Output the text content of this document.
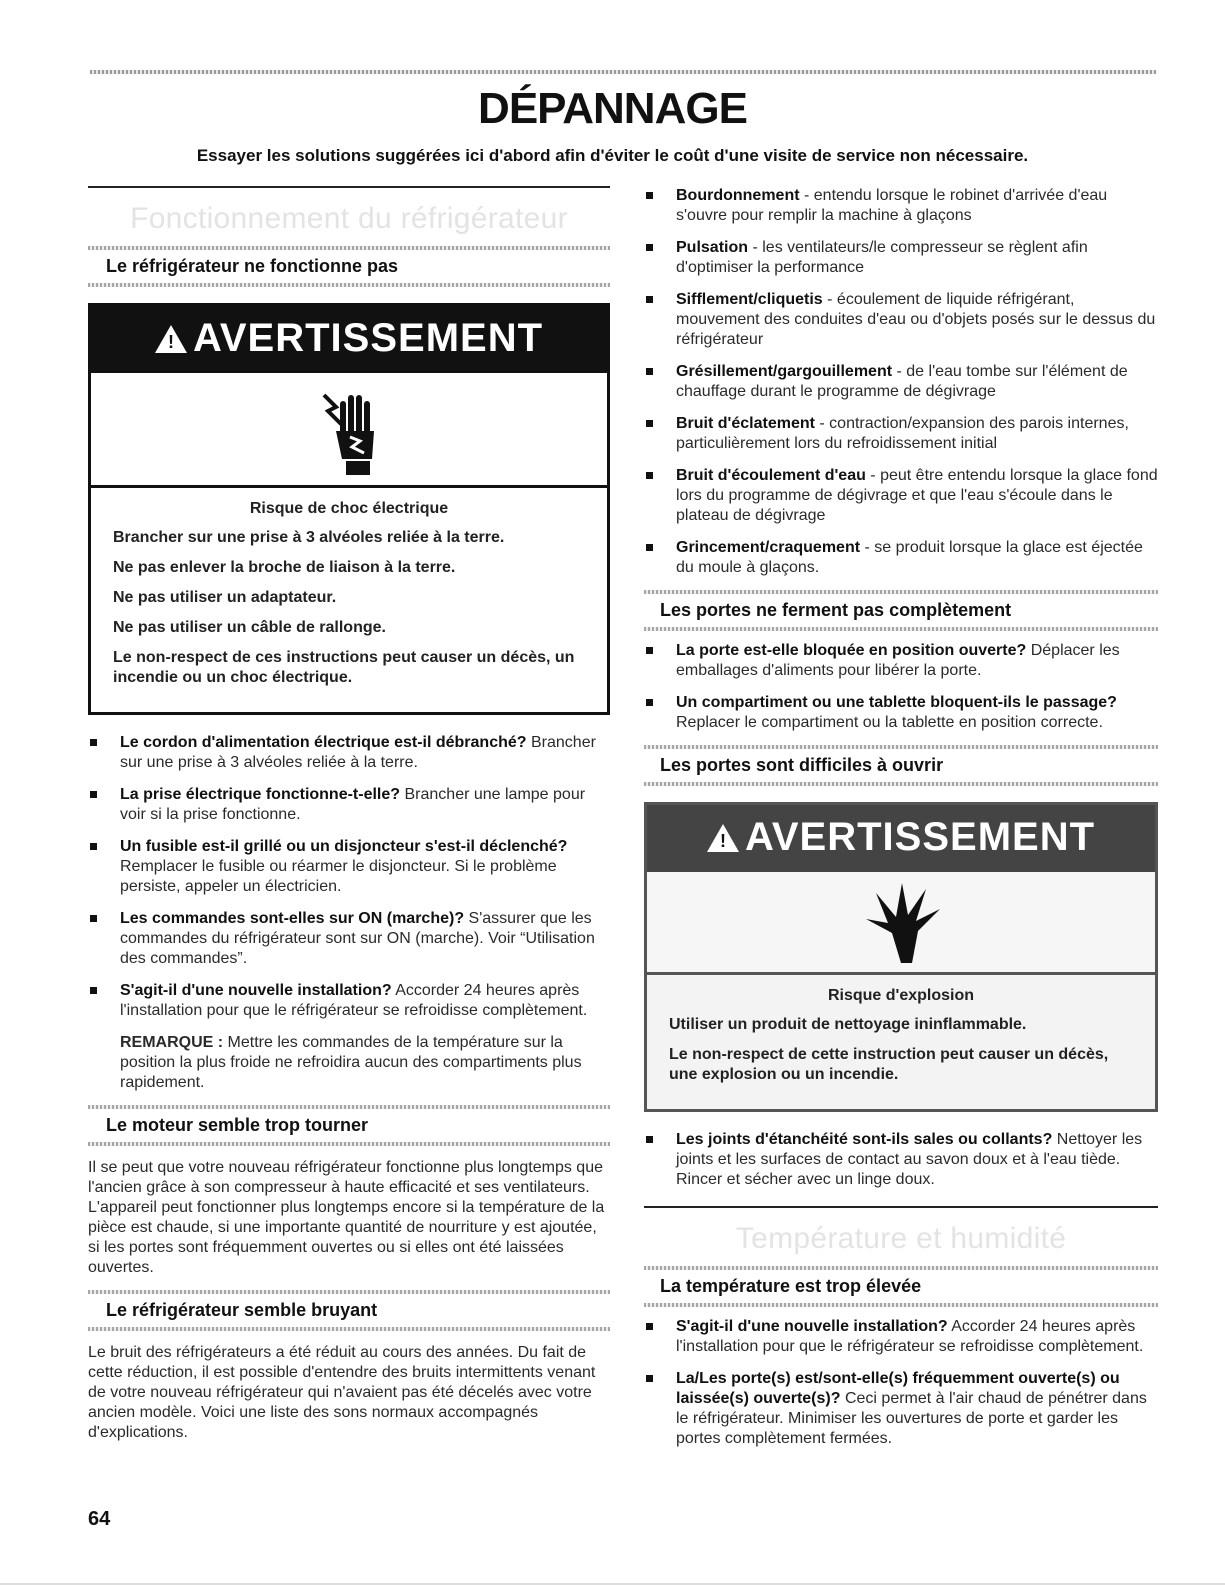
DÉPANNAGE
Essayer les solutions suggérées ici d'abord afin d'éviter le coût d'une visite de service non nécessaire.
Fonctionnement du réfrigérateur
Le réfrigérateur ne fonctionne pas
! AVERTISSEMENT
Risque de choc électrique

Brancher sur une prise à 3 alvéoles reliée à la terre.

Ne pas enlever la broche de liaison à la terre.

Ne pas utiliser un adaptateur.

Ne pas utiliser un câble de rallonge.

Le non-respect de ces instructions peut causer un décès, un incendie ou un choc électrique.

Le cordon d'alimentation électrique est-il débranché? Brancher sur une prise à 3 alvéoles reliée à la terre.
La prise électrique fonctionne-t-elle? Brancher une lampe pour voir si la prise fonctionne.
Un fusible est-il grillé ou un disjoncteur s'est-il déclenché? Remplacer le fusible ou réarmer le disjoncteur. Si le problème persiste, appeler un électricien.
Les commandes sont-elles sur ON (marche)? S'assurer que les commandes du réfrigérateur sont sur ON (marche). Voir “Utilisation des commandes”.
S'agit-il d'une nouvelle installation? Accorder 24 heures après l'installation pour que le réfrigérateur se refroidisse complètement.
REMARQUE : Mettre les commandes de la température sur la position la plus froide ne refroidira aucun des compartiments plus rapidement.
Le moteur semble trop tourner
Il se peut que votre nouveau réfrigérateur fonctionne plus longtemps que l'ancien grâce à son compresseur à haute efficacité et ses ventilateurs. L'appareil peut fonctionner plus longtemps encore si la température de la pièce est chaude, si une importante quantité de nourriture y est ajoutée, si les portes sont fréquemment ouvertes ou si elles ont été laissées ouvertes.
Le réfrigérateur semble bruyant
Le bruit des réfrigérateurs a été réduit au cours des années. Du fait de cette réduction, il est possible d'entendre des bruits intermittents venant de votre nouveau réfrigérateur qui n'avaient pas été décelés avec votre ancien modèle. Voici une liste des sons normaux accompagnés d'explications.
Bourdonnement - entendu lorsque le robinet d'arrivée d'eau s'ouvre pour remplir la machine à glaçons
Pulsation - les ventilateurs/le compresseur se règlent afin d'optimiser la performance
Sifflement/cliquetis - écoulement de liquide réfrigérant, mouvement des conduites d'eau ou d'objets posés sur le dessus du réfrigérateur
Grésillement/gargouillement - de l'eau tombe sur l'élément de chauffage durant le programme de dégivrage
Bruit d'éclatement - contraction/expansion des parois internes, particulièrement lors du refroidissement initial
Bruit d'écoulement d'eau - peut être entendu lorsque la glace fond lors du programme de dégivrage et que l'eau s'écoule dans le plateau de dégivrage
Grincement/craquement - se produit lorsque la glace est éjectée du moule à glaçons.
Les portes ne ferment pas complètement
La porte est-elle bloquée en position ouverte? Déplacer les emballages d'aliments pour libérer la porte.
Un compartiment ou une tablette bloquent-ils le passage? Replacer le compartiment ou la tablette en position correcte.
Les portes sont difficiles à ouvrir
! AVERTISSEMENT
Risque d'explosion

Utiliser un produit de nettoyage ininflammable.

Le non-respect de cette instruction peut causer un décès, une explosion ou un incendie.

Les joints d'étanchéité sont-ils sales ou collants? Nettoyer les joints et les surfaces de contact au savon doux et à l'eau tiède. Rincer et sécher avec un linge doux.
Température et humidité
La température est trop élevée
S'agit-il d'une nouvelle installation? Accorder 24 heures après l'installation pour que le réfrigérateur se refroidisse complètement.
La/Les porte(s) est/sont-elle(s) fréquemment ouverte(s) ou laissée(s) ouverte(s)? Ceci permet à l'air chaud de pénétrer dans le réfrigérateur. Minimiser les ouvertures de porte et garder les portes complètement fermées.
64
